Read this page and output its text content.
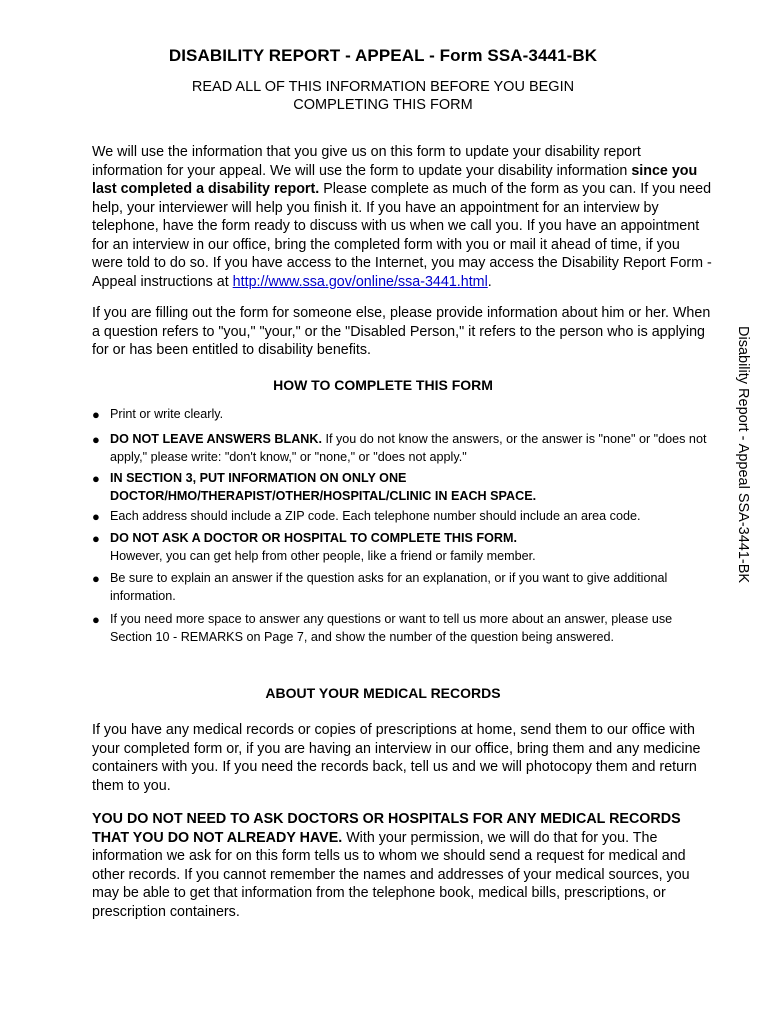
DISABILITY REPORT - APPEAL - Form SSA-3441-BK
READ ALL OF THIS INFORMATION BEFORE YOU BEGIN
COMPLETING THIS FORM
We will use the information that you give us on this form to update your disability report information for your appeal. We will use the form to update your disability information since you last completed a disability report. Please complete as much of the form as you can. If you need help, your interviewer will help you finish it. If you have an appointment for an interview by telephone, have the form ready to discuss with us when we call you. If you have an appointment for an interview in our office, bring the completed form with you or mail it ahead of time, if you were told to do so. If you have access to the Internet, you may access the Disability Report Form - Appeal instructions at http://www.ssa.gov/online/ssa-3441.html.
If you are filling out the form for someone else, please provide information about him or her. When a question refers to "you," "your," or the "Disabled Person," it refers to the person who is applying for or has been entitled to disability benefits.
HOW TO COMPLETE THIS FORM
● Print or write clearly.
● DO NOT LEAVE ANSWERS BLANK. If you do not know the answers, or the answer is "none" or "does not apply," please write: "don't know," or "none," or "does not apply."
● IN SECTION 3, PUT INFORMATION ON ONLY ONE DOCTOR/HMO/THERAPIST/OTHER/HOSPITAL/CLINIC IN EACH SPACE.
● Each address should include a ZIP code. Each telephone number should include an area code.
● DO NOT ASK A DOCTOR OR HOSPITAL TO COMPLETE THIS FORM.
However, you can get help from other people, like a friend or family member.
● Be sure to explain an answer if the question asks for an explanation, or if you want to give additional information.
● If you need more space to answer any questions or want to tell us more about an answer, please use Section 10 - REMARKS on Page 7, and show the number of the question being answered.
ABOUT YOUR MEDICAL RECORDS
If you have any medical records or copies of prescriptions at home, send them to our office with your completed form or, if you are having an interview in our office, bring them and any medicine containers with you. If you need the records back, tell us and we will photocopy them and return them to you.
YOU DO NOT NEED TO ASK DOCTORS OR HOSPITALS FOR ANY MEDICAL RECORDS THAT YOU DO NOT ALREADY HAVE. With your permission, we will do that for you. The information we ask for on this form tells us to whom we should send a request for medical and other records. If you cannot remember the names and addresses of your medical sources, you may be able to get that information from the telephone book, medical bills, prescriptions, or prescription containers.
Disability Report - Appeal SSA-3441-BK
